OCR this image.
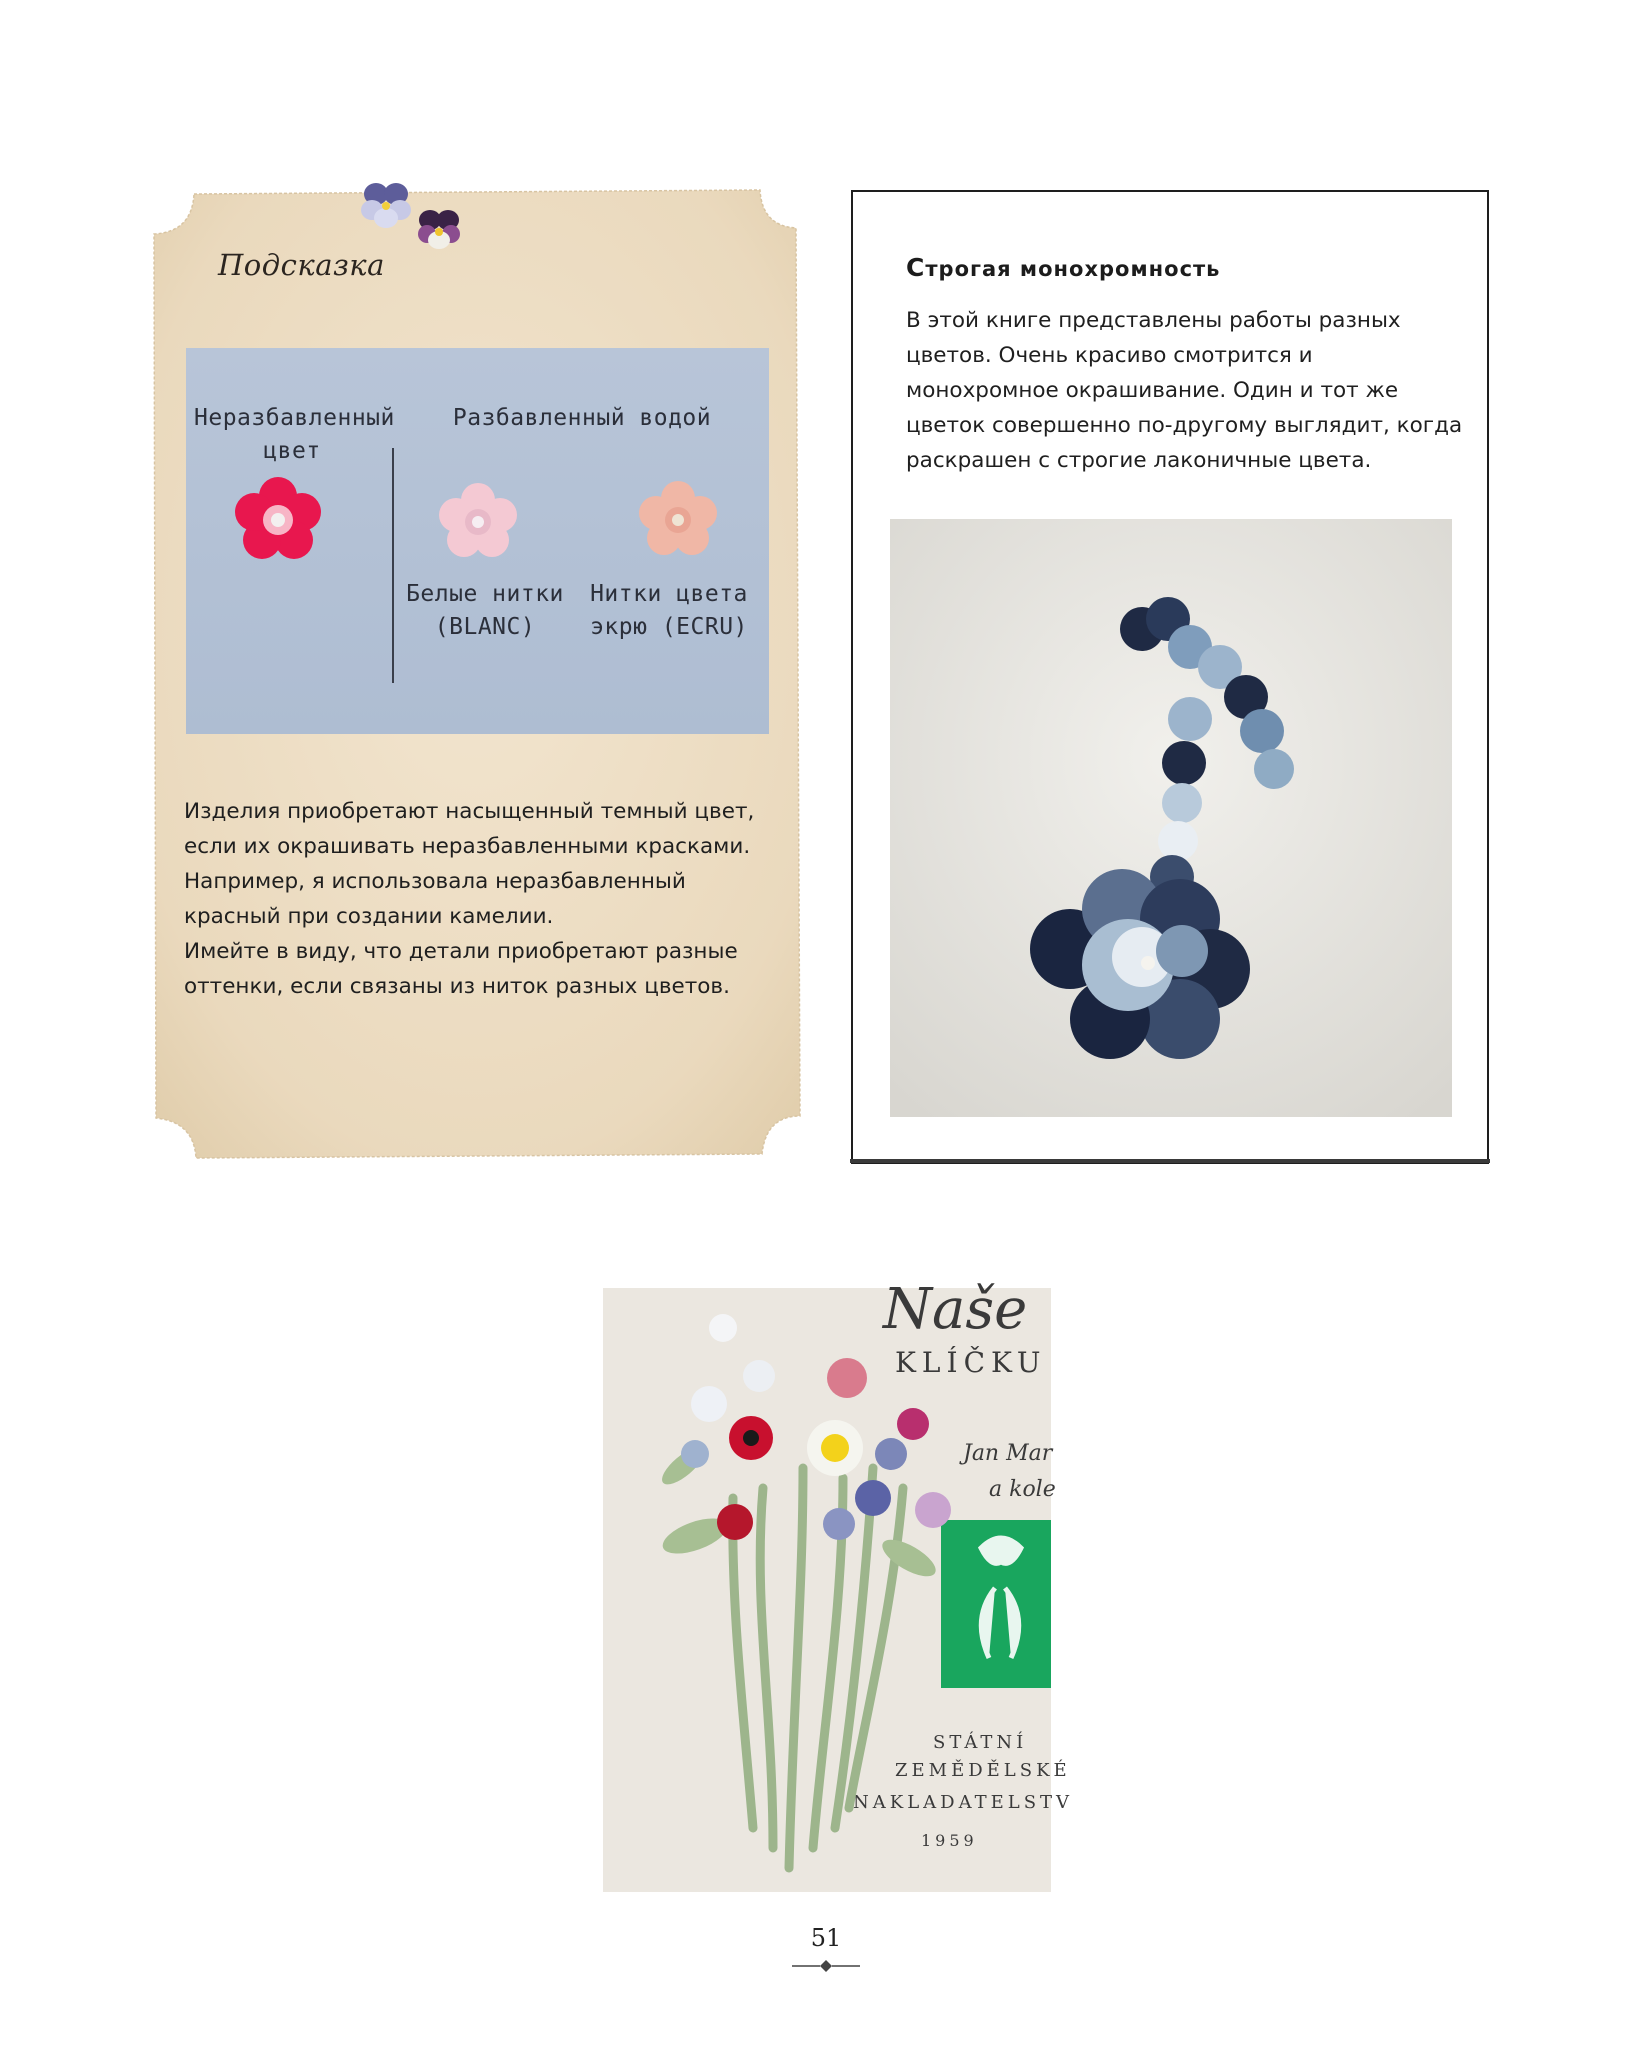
Подсказка
Неразбавленный цвет
Разбавленный водой
Белые нитки
(BLANC)
Нитки цвета
экрю (ECRU)

Изделия приобретают насыщенный темный цвет, если их окрашивать неразбавленными красками. Например, я использовала неразбавленный красный при создании камелии.

Имейте в виду, что детали приобретают разные оттенки, если связаны из ниток разных цветов.

Строгая монохромность

В этой книге представлены работы разных цветов. Очень красиво смотрится и монохромное окрашивание. Один и тот же цветок совершенно по-другому выглядит, когда раскрашен с строгие лаконичные цвета.

Naše
KLÍČKU
Jan Mar
a kole
STÁTNÍ
ZEMĚDĚLSKÉ
NAKLADATELSTV
1959
51
